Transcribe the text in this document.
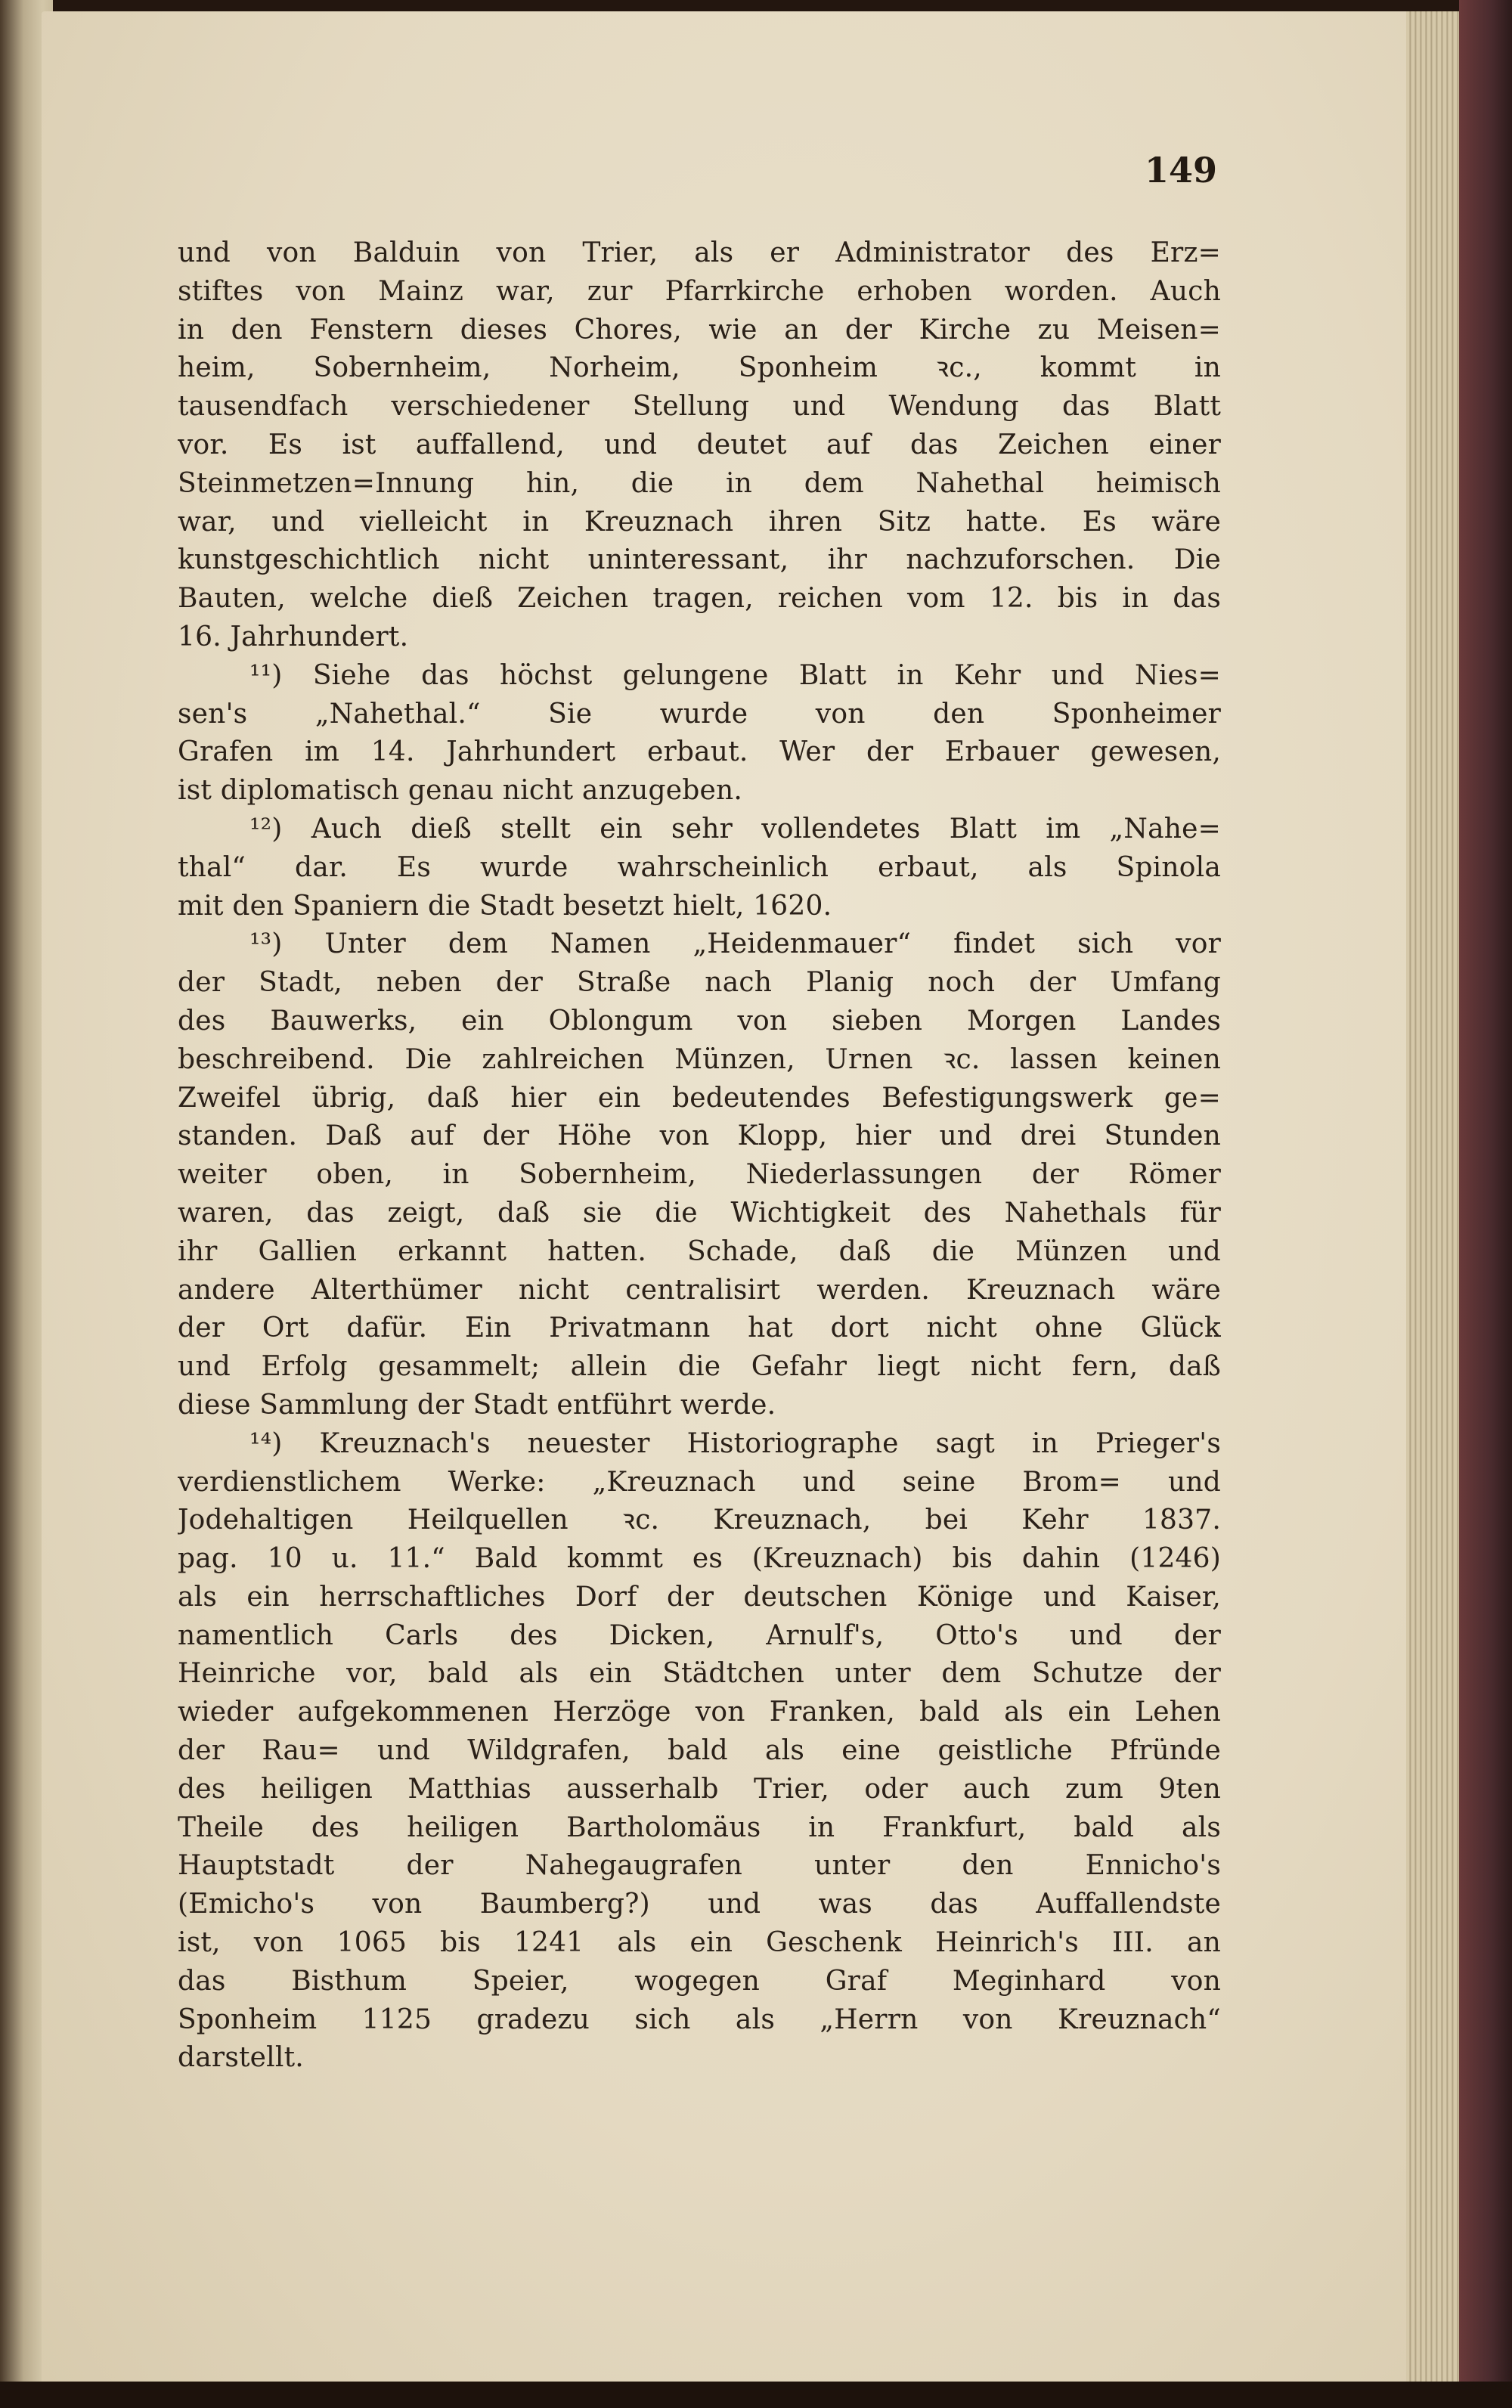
149
und von Balduin von Trier, als er Administrator des Erz=
stiftes von Mainz war, zur Pfarrkirche erhoben worden. Auch
in den Fenstern dieses Chores, wie an der Kirche zu Meisen=
heim, Sobernheim, Norheim, Sponheim ꝛc., kommt in
tausendfach verschiedener Stellung und Wendung das Blatt
vor. Es ist auffallend, und deutet auf das Zeichen einer
Steinmetzen=Innung hin, die in dem Nahethal heimisch
war, und vielleicht in Kreuznach ihren Sitz hatte. Es wäre
kunstgeschichtlich nicht uninteressant, ihr nachzuforschen. Die
Bauten, welche dieß Zeichen tragen, reichen vom 12. bis in das
16. Jahrhundert.
¹¹) Siehe das höchst gelungene Blatt in Kehr und Nies=
sen's „Nahethal.“ Sie wurde von den Sponheimer
Grafen im 14. Jahrhundert erbaut. Wer der Erbauer gewesen,
ist diplomatisch genau nicht anzugeben.
¹²) Auch dieß stellt ein sehr vollendetes Blatt im „Nahe=
thal“ dar. Es wurde wahrscheinlich erbaut, als Spinola
mit den Spaniern die Stadt besetzt hielt, 1620.
¹³) Unter dem Namen „Heidenmauer“ findet sich vor
der Stadt, neben der Straße nach Planig noch der Umfang
des Bauwerks, ein Oblongum von sieben Morgen Landes
beschreibend. Die zahlreichen Münzen, Urnen ꝛc. lassen keinen
Zweifel übrig, daß hier ein bedeutendes Befestigungswerk ge=
standen. Daß auf der Höhe von Klopp, hier und drei Stunden
weiter oben, in Sobernheim, Niederlassungen der Römer
waren, das zeigt, daß sie die Wichtigkeit des Nahethals für
ihr Gallien erkannt hatten. Schade, daß die Münzen und
andere Alterthümer nicht centralisirt werden. Kreuznach wäre
der Ort dafür. Ein Privatmann hat dort nicht ohne Glück
und Erfolg gesammelt; allein die Gefahr liegt nicht fern, daß
diese Sammlung der Stadt entführt werde.
¹⁴) Kreuznach's neuester Historiographe sagt in Prieger's
verdienstlichem Werke: „Kreuznach und seine Brom= und
Jodehaltigen Heilquellen ꝛc. Kreuznach, bei Kehr 1837.
pag. 10 u. 11.“ Bald kommt es (Kreuznach) bis dahin (1246)
als ein herrschaftliches Dorf der deutschen Könige und Kaiser,
namentlich Carls des Dicken, Arnulf's, Otto's und der
Heinriche vor, bald als ein Städtchen unter dem Schutze der
wieder aufgekommenen Herzöge von Franken, bald als ein Lehen
der Rau= und Wildgrafen, bald als eine geistliche Pfründe
des heiligen Matthias ausserhalb Trier, oder auch zum 9ten
Theile des heiligen Bartholomäus in Frankfurt, bald als
Hauptstadt der Nahegaugrafen unter den Ennicho's
(Emicho's von Baumberg?) und was das Auffallendste
ist, von 1065 bis 1241 als ein Geschenk Heinrich's III. an
das Bisthum Speier, wogegen Graf Meginhard von
Sponheim 1125 gradezu sich als „Herrn von Kreuznach“
darstellt.
